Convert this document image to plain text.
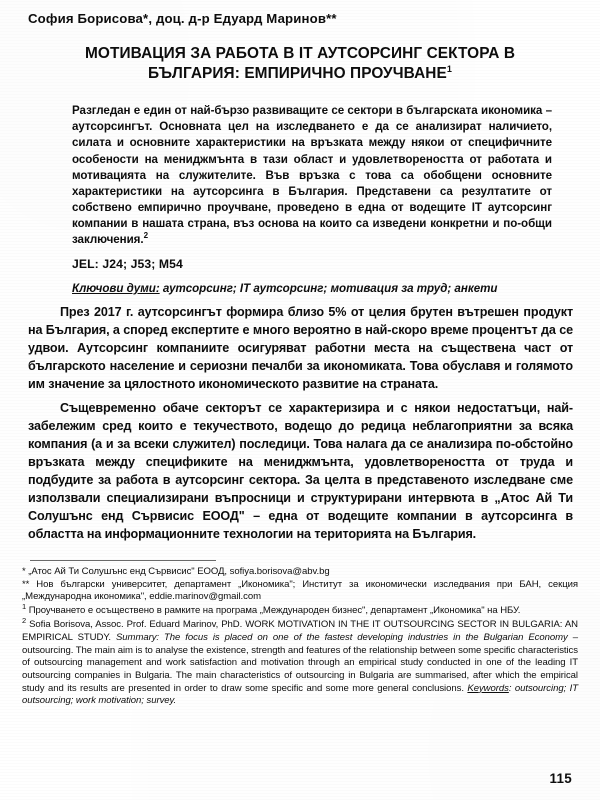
София Борисова*, доц. д-р Едуард Маринов**
МОТИВАЦИЯ ЗА РАБОТА В IT АУТСОРСИНГ СЕКТОРА В
БЪЛГАРИЯ: ЕМПИРИЧНО ПРОУЧВАНЕ$^1$
Разгледан е един от най-бързо развиващите се сектори в българската икономика – аутсорсингът. Основната цел на изследването е да се анализират наличието, силата и основните характеристики на връзката между някои от специфичните особености на мениджмънта в тази област и удовлетвореността от работата и мотивацията на служителите. Във връзка с това са обобщени основните характеристики на аутсорсинга в България. Представени са резултатите от собствено емпирично проучване, проведено в една от водещите IT аутсорсинг компании в нашата страна, въз основа на които са изведени конкретни и по-общи заключения.$^2$
JEL: J24; J53; M54
Ключови думи: аутсорсинг; IT аутсорсинг; мотивация за труд; анкети

През 2017 г. аутсорсингът формира близо 5% от целия брутен вътрешен продукт на България, а според експертите е много вероятно в най-скоро време процентът да се удвои. Аутсорсинг компаниите осигуряват работни места на съществена част от българското население и сериозни печалби за икономиката. Това обуславя и голямото им значение за цялостното икономическото развитие на страната.

Същевременно обаче секторът се характеризира и с някои недостатъци, най-забележим сред които е текучеството, водещо до редица неблагоприятни за всяка компания (а и за всеки служител) последици. Това налага да се анализира по-обстойно връзката между спецификите на мениджмънта, удовлетвореността от труда и подбудите за работа в аутсорсинг сектора. За целта в представеното изследване сме използвали специализирани въпросници и структурирани интервюта в „Атос Ай Ти Солушънс енд Сървисис ЕООД" – една от водещите компании в аутсорсинга в областта на информационните технологии на територията на България.

* „Атос Ай Ти Солушънс енд Сървисис" ЕООД, sofiya.borisova@abv.bg

** Нов български университет, департамент „Икономика"; Институт за икономически изследвания при БАН, секция „Международна икономика", eddie.marinov@gmail.com

$^1$ Проучването е осъществено в рамките на програма „Международен бизнес", департамент „Икономика" на НБУ.

$^2$ Sofia Borisova, Assoc. Prof. Eduard Marinov, PhD. WORK MOTIVATION IN THE IT OUTSOURCING SECTOR IN BULGARIA: AN EMPIRICAL STUDY. Summary: The focus is placed on one of the fastest developing industries in the Bulgarian Economy – outsourcing. The main aim is to analyse the existence, strength and features of the relationship between some specific characteristics of outsourcing management and work satisfaction and motivation through an empirical study conducted in one of the leading IT outsourcing companies in Bulgaria. The main characteristics of outsourcing in Bulgaria are summarised, after which the empirical study and its results are presented in order to draw some specific and some more general conclusions. Keywords: outsourcing; IT outsourcing; work motivation; survey.

115
